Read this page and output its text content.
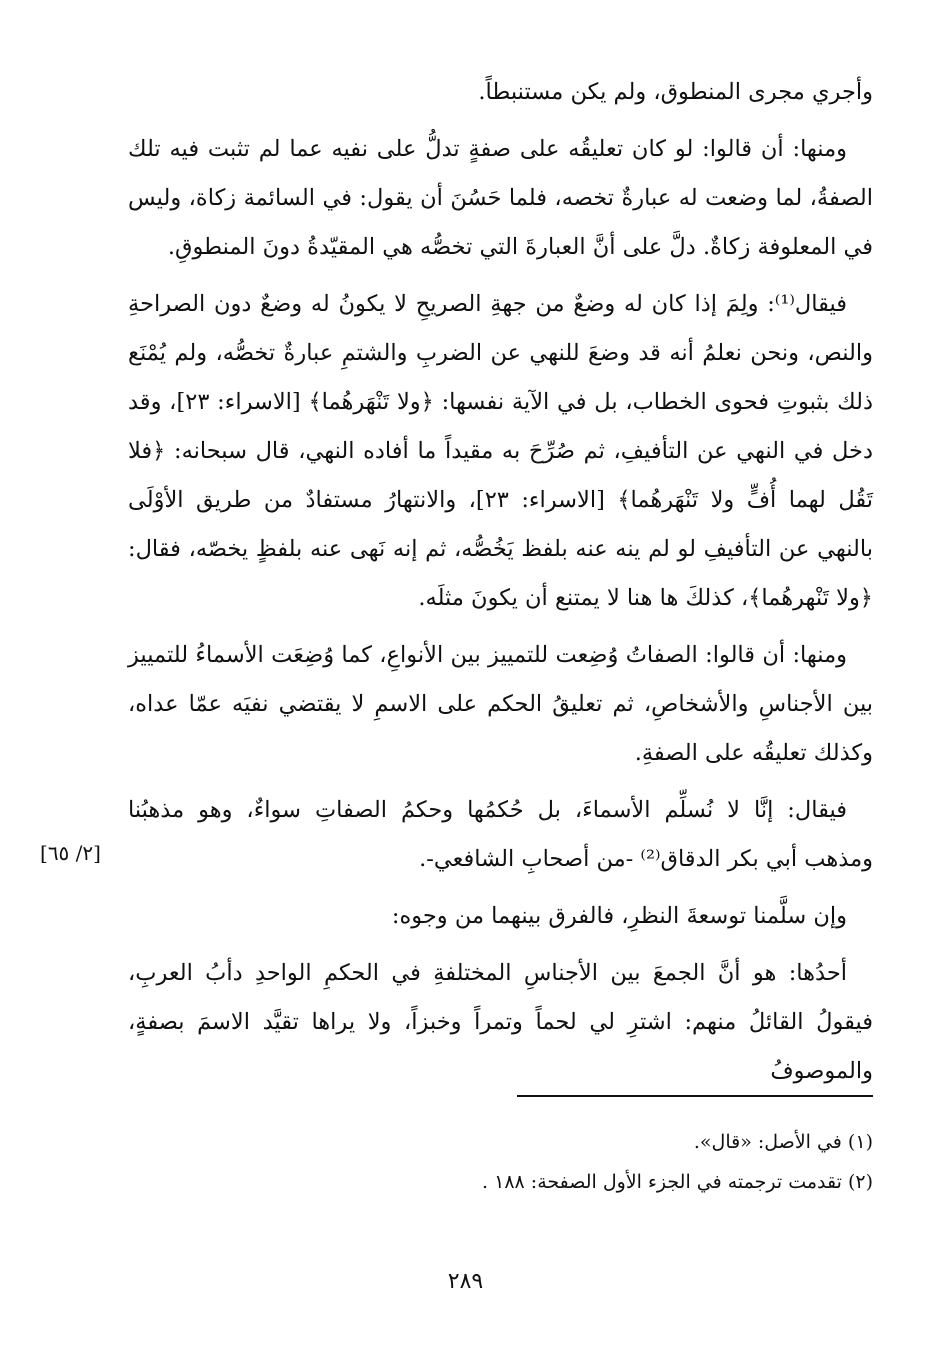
وأجري مجرى المنطوق، ولم يكن مستنبطاً.

ومنها: أن قالوا: لو كان تعليقُه على صفةٍ تدلُّ على نفيه عما لم تثبت فيه تلك الصفةُ، لما وضعت له عبارةٌ تخصه، فلما حَسُنَ أن يقول: في السائمة زكاة، وليس في المعلوفة زكاةٌ. دلَّ على أنَّ العبارةَ التي تخصُّه هي المقيّدةُ دونَ المنطوقِ.

فيقال⁽¹⁾: ولِمَ إذا كان له وضعٌ من جهةِ الصريحِ لا يكونُ له وضعٌ دون الصراحةِ والنص، ونحن نعلمُ أنه قد وضعَ للنهي عن الضربِ والشتمِ عبارةٌ تخصُّه، ولم يُمْنَع ذلك بثبوتِ فحوى الخطاب، بل في الآية نفسها: ﴿ولا تَنْهَرهُما﴾ [الاسراء: ٢٣]، وقد دخل في النهي عن التأفيفِ، ثم صُرِّحَ به مقيداً ما أفاده النهي، قال سبحانه: ﴿فلا تَقُل لهما أُفٍّ ولا تَنْهَرهُما﴾ [الاسراء: ٢٣]، والانتهارُ مستفادٌ من طريق الأوْلَى بالنهي عن التأفيفِ لو لم ينه عنه بلفظ يَخُصُّه، ثم إنه نَهى عنه بلفظٍ يخصّه، فقال: ﴿ولا تَنْهرهُما﴾، كذلكَ ها هنا لا يمتنع أن يكونَ مثلَه.

ومنها: أن قالوا: الصفاتُ وُضِعت للتمييز بين الأنواعِ، كما وُضِعَت الأسماءُ للتمييز بين الأجناسِ والأشخاصِ، ثم تعليقُ الحكم على الاسمِ لا يقتضي نفيَه عمّا عداه، وكذلك تعليقُه على الصفةِ.

فيقال: إنَّا لا نُسلِّم الأسماءَ، بل حُكمُها وحكمُ الصفاتِ سواءٌ، وهو مذهبُنا ومذهب أبي بكر الدقاق⁽²⁾ -من أصحابِ الشافعي-.

وإن سلَّمنا توسعةَ النظرِ، فالفرق بينهما من وجوه:

أحدُها: هو أنَّ الجمعَ بين الأجناسِ المختلفةِ في الحكمِ الواحدِ دأبُ العربِ، فيقولُ القائلُ منهم: اشترِ لي لحماً وتمراً وخبزاً، ولا يراها تقيَّد الاسمَ بصفةٍ، والموصوفُ

[٢/ ٦٥]

(١) في الأصل: «قال».

(٢) تقدمت ترجمته في الجزء الأول الصفحة: ١٨٨ .

٢٨٩
